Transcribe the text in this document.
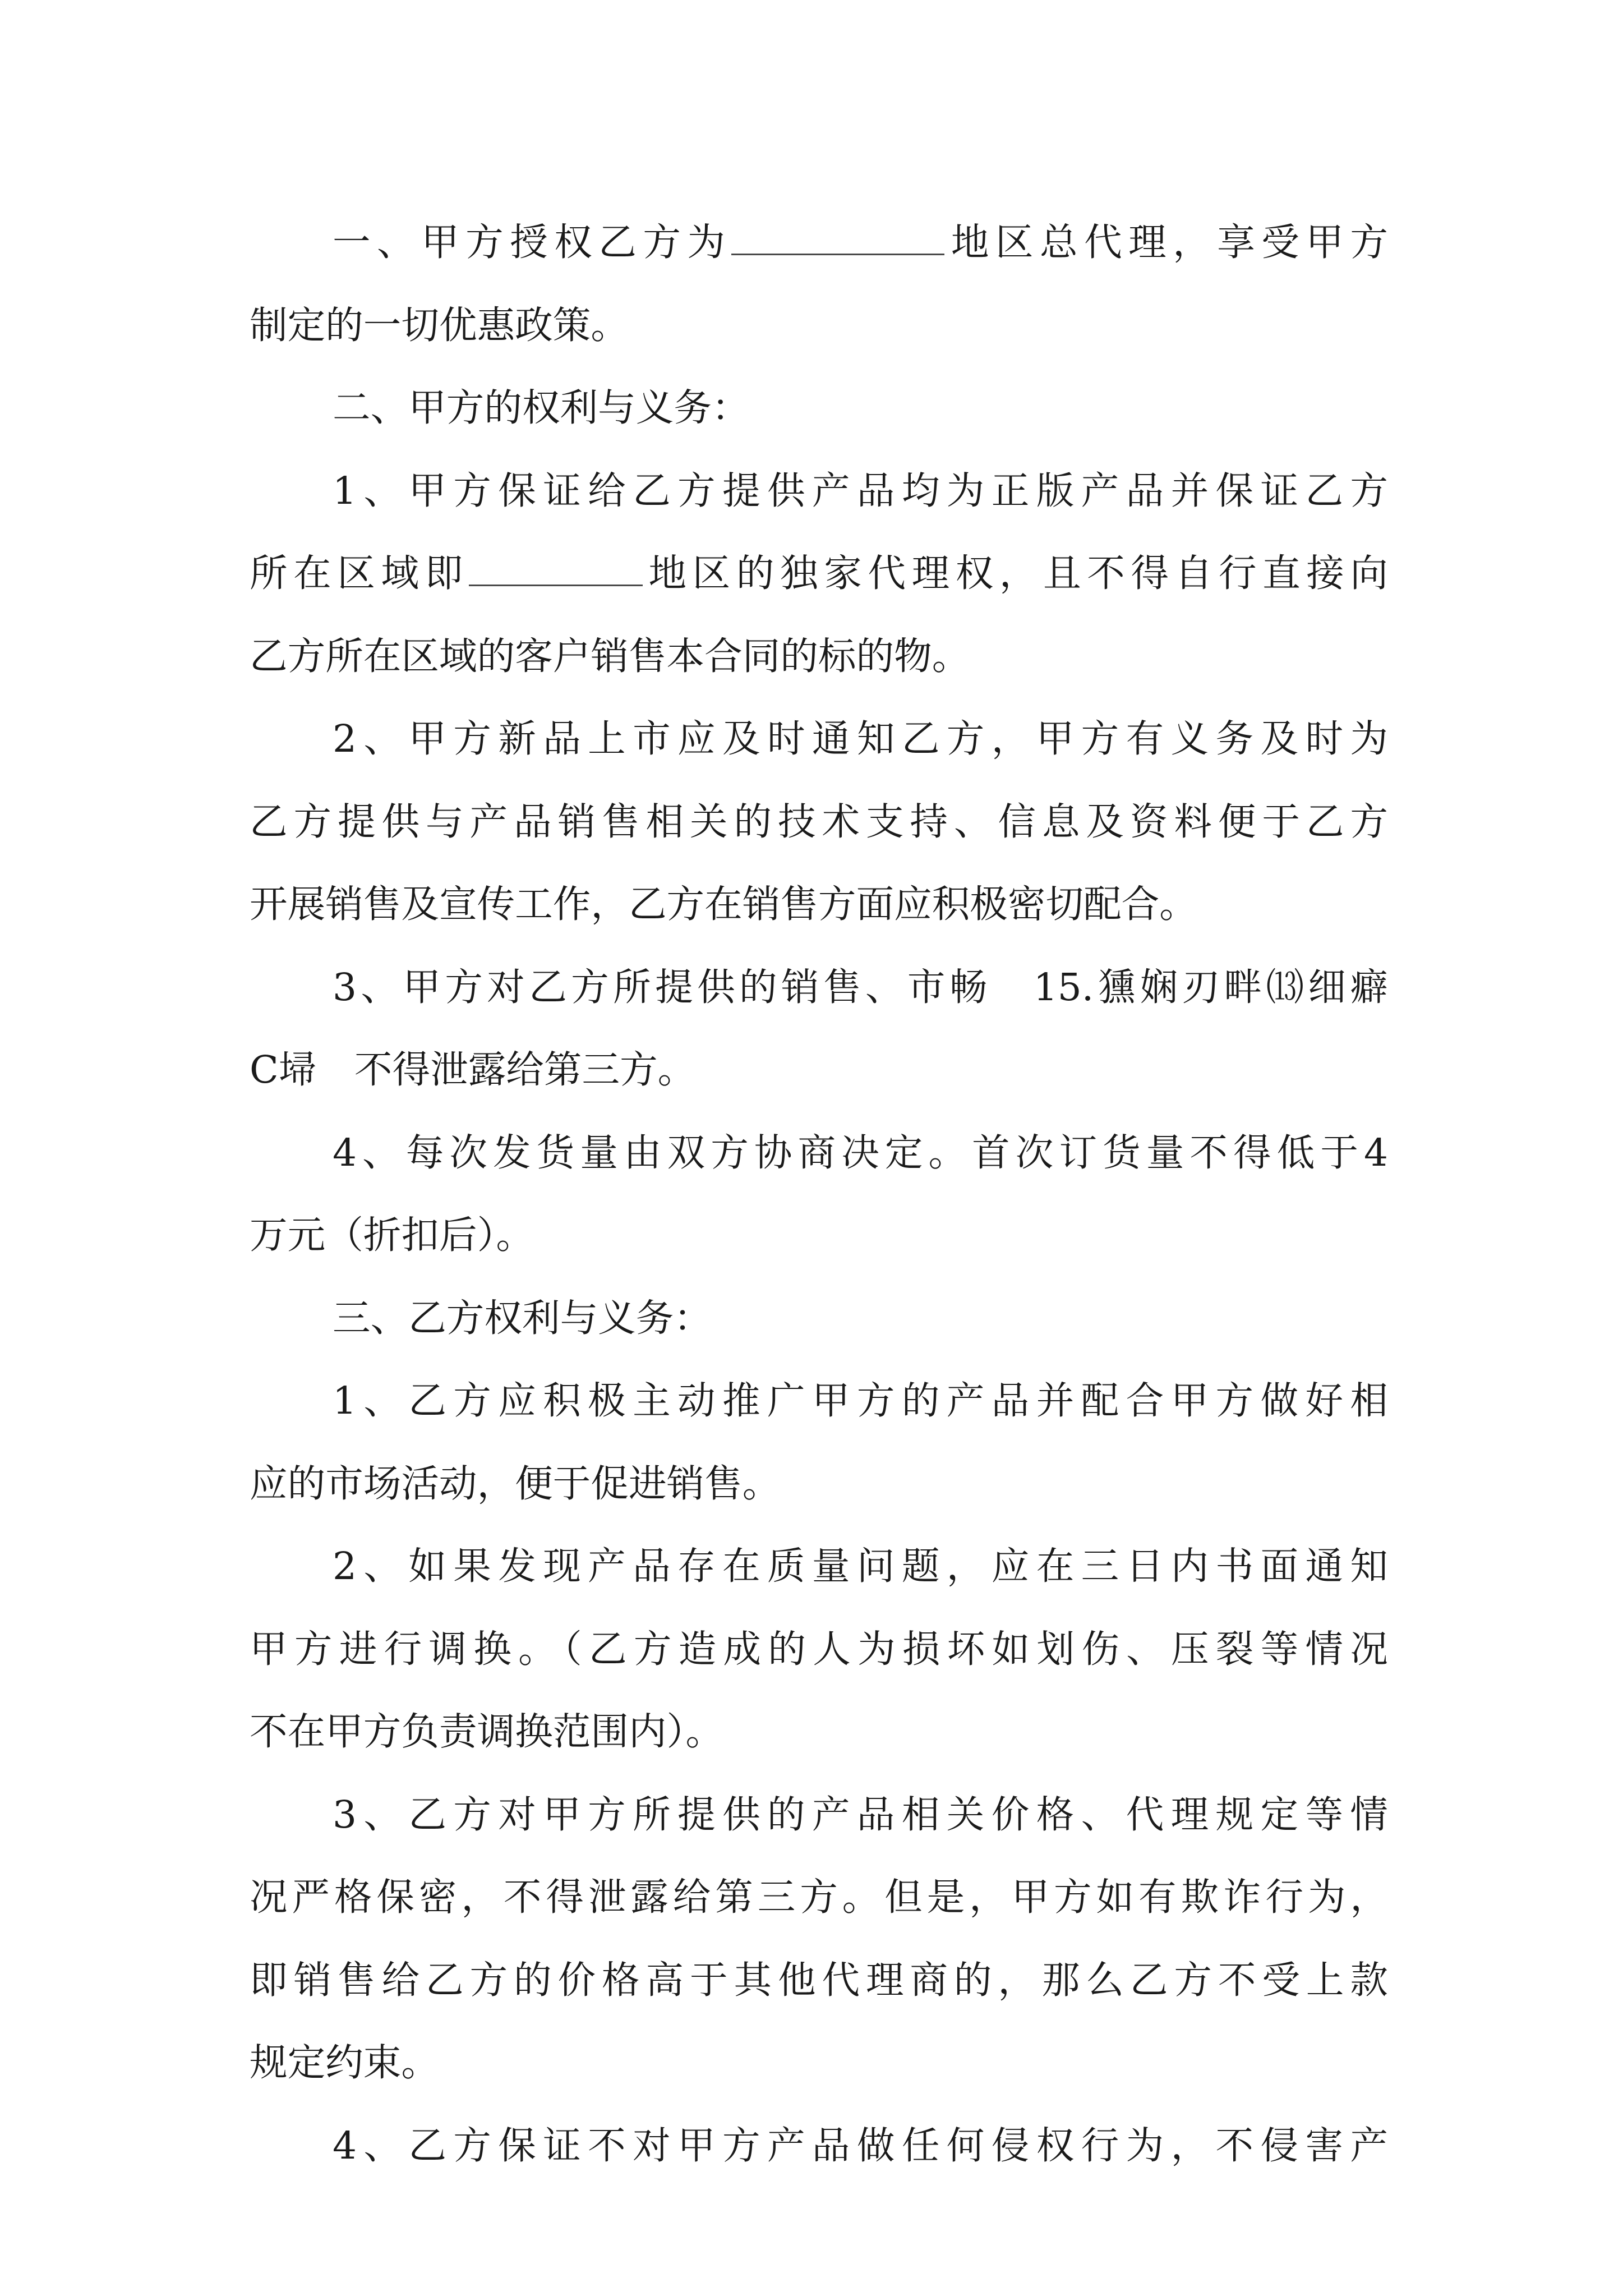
一、甲方授权乙方为	地区总代理，享受甲方
制定的一切优惠政策。
二、甲方的权利与义务：
1、甲方保证给乙方提供产品均为正版产品并保证乙方
所在区域即	地区的独家代理权，且不得自行直接向
乙方所在区域的客户销售本合同的标的物。
2、甲方新品上市应及时通知乙方，甲方有义务及时为
乙方提供与产品销售相关的技术支持、信息及资料便于乙方
开展销售及宣传工作，乙方在销售方面应积极密切配合。
3、甲方对乙方所提供的销售、市畅　15.獯娴刃畔⒀细癖
C埽　不得泄露给第三方。
4、每次发货量由双方协商决定。首次订货量不得低于4
万元（折扣后）。
三、乙方权利与义务：
1、乙方应积极主动推广甲方的产品并配合甲方做好相
应的市场活动，便于促进销售。
2、如果发现产品存在质量问题，应在三日内书面通知
甲方进行调换。（乙方造成的人为损坏如划伤、压裂等情况
不在甲方负责调换范围内）。
3、乙方对甲方所提供的产品相关价格、代理规定等情
况严格保密，不得泄露给第三方。但是，甲方如有欺诈行为，
即销售给乙方的价格高于其他代理商的，那么乙方不受上款
规定约束。
4、乙方保证不对甲方产品做任何侵权行为，不侵害产
